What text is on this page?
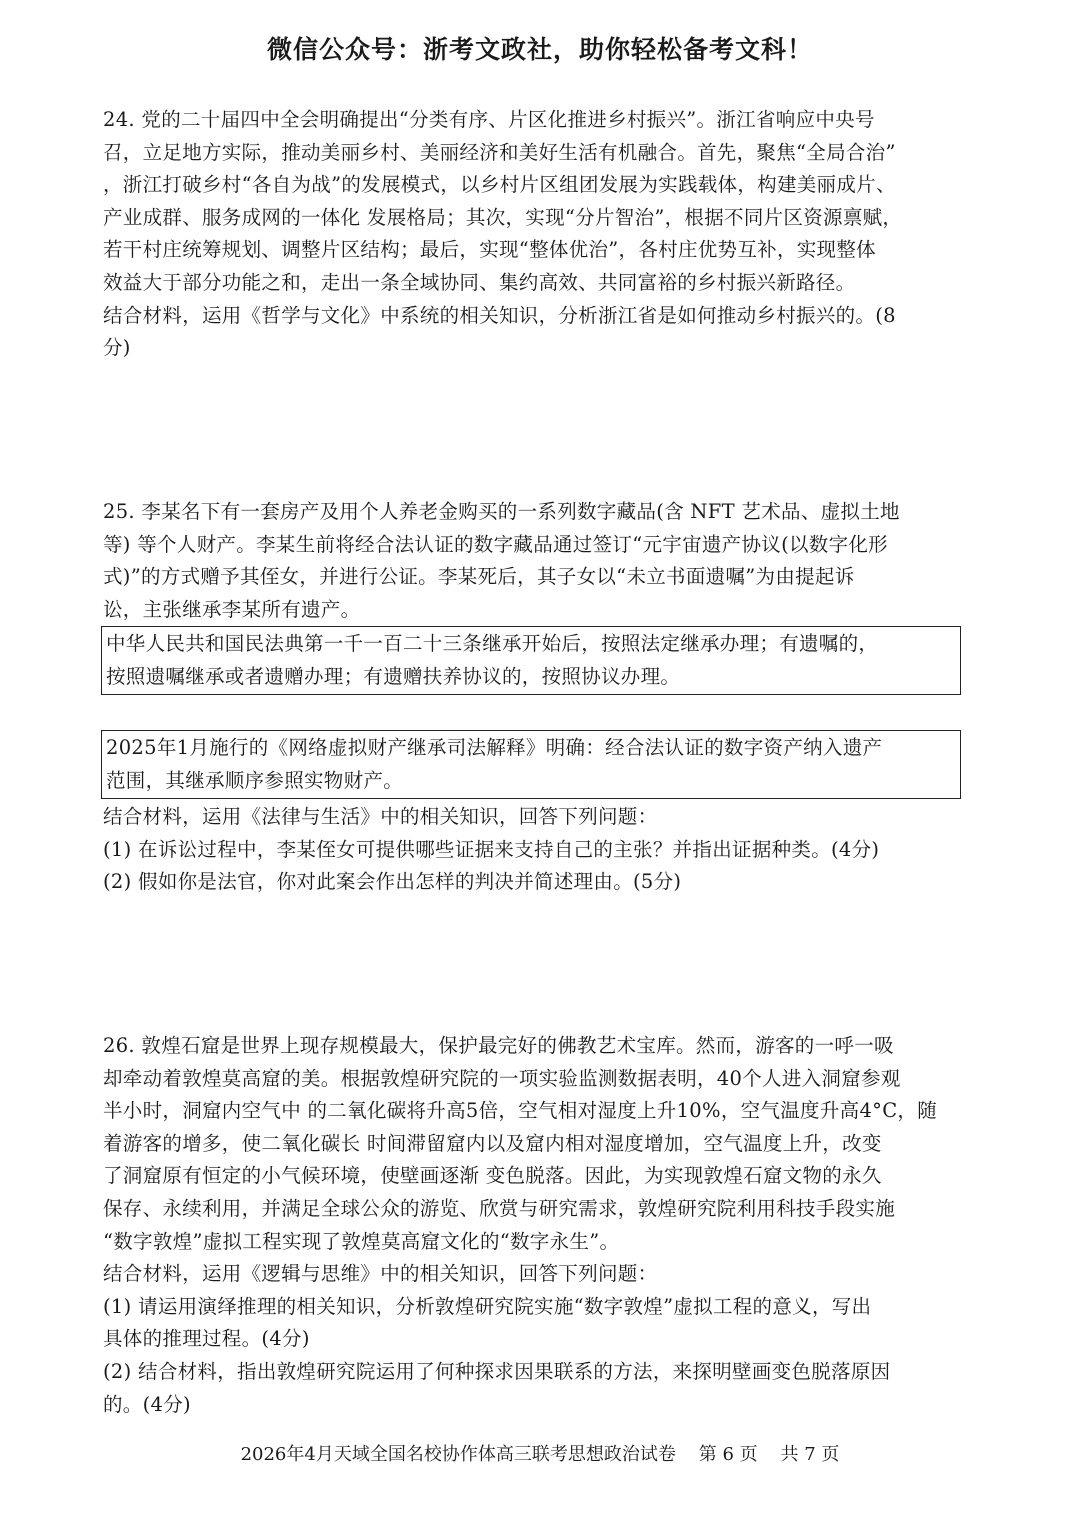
微信公众号：浙考文政社，助你轻松备考文科！
24. 党的二十届四中全会明确提出“分类有序、片区化推进乡村振兴”。浙江省响应中央号
召，立足地方实际，推动美丽乡村、美丽经济和美好生活有机融合。首先，聚焦“全局合治”
，浙江打破乡村“各自为战”的发展模式，以乡村片区组团发展为实践载体，构建美丽成片、
产业成群、服务成网的一体化 发展格局；其次，实现“分片智治”，根据不同片区资源禀赋，
若干村庄统筹规划、调整片区结构；最后，实现“整体优治”，各村庄优势互补，实现整体
效益大于部分功能之和，走出一条全域协同、集约高效、共同富裕的乡村振兴新路径。
结合材料，运用《哲学与文化》中系统的相关知识，分析浙江省是如何推动乡村振兴的。(8
分)
25. 李某名下有一套房产及用个人养老金购买的一系列数字藏品(含 NFT 艺术品、虚拟土地
等) 等个人财产。李某生前将经合法认证的数字藏品通过签订“元宇宙遗产协议(以数字化形
式)”的方式赠予其侄女，并进行公证。李某死后，其子女以“未立书面遗嘱”为由提起诉
讼，主张继承李某所有遗产。
中华人民共和国民法典第一千一百二十三条继承开始后，按照法定继承办理；有遗嘱的，
按照遗嘱继承或者遗赠办理；有遗赠扶养协议的，按照协议办理。
2025年1月施行的《网络虚拟财产继承司法解释》明确：经合法认证的数字资产纳入遗产
范围，其继承顺序参照实物财产。
结合材料，运用《法律与生活》中的相关知识，回答下列问题：
(1) 在诉讼过程中，李某侄女可提供哪些证据来支持自己的主张？并指出证据种类。(4分)
(2) 假如你是法官，你对此案会作出怎样的判决并简述理由。(5分)
26. 敦煌石窟是世界上现存规模最大，保护最完好的佛教艺术宝库。然而，游客的一呼一吸
却牵动着敦煌莫高窟的美。根据敦煌研究院的一项实验监测数据表明，40个人进入洞窟参观
半小时，洞窟内空气中 的二氧化碳将升高5倍，空气相对湿度上升10%，空气温度升高4°C，随
着游客的增多，使二氧化碳长 时间滞留窟内以及窟内相对湿度增加，空气温度上升，改变
了洞窟原有恒定的小气候环境，使壁画逐渐 变色脱落。因此，为实现敦煌石窟文物的永久
保存、永续利用，并满足全球公众的游览、欣赏与研究需求，敦煌研究院利用科技手段实施
“数字敦煌”虚拟工程实现了敦煌莫高窟文化的“数字永生”。
结合材料，运用《逻辑与思维》中的相关知识，回答下列问题：
(1) 请运用演绎推理的相关知识，分析敦煌研究院实施“数字敦煌”虚拟工程的意义，写出
具体的推理过程。(4分)
(2) 结合材料，指出敦煌研究院运用了何种探求因果联系的方法，来探明壁画变色脱落原因
的。(4分)
2026年4月天域全国名校协作体高三联考思想政治试卷    第 6 页    共 7 页
